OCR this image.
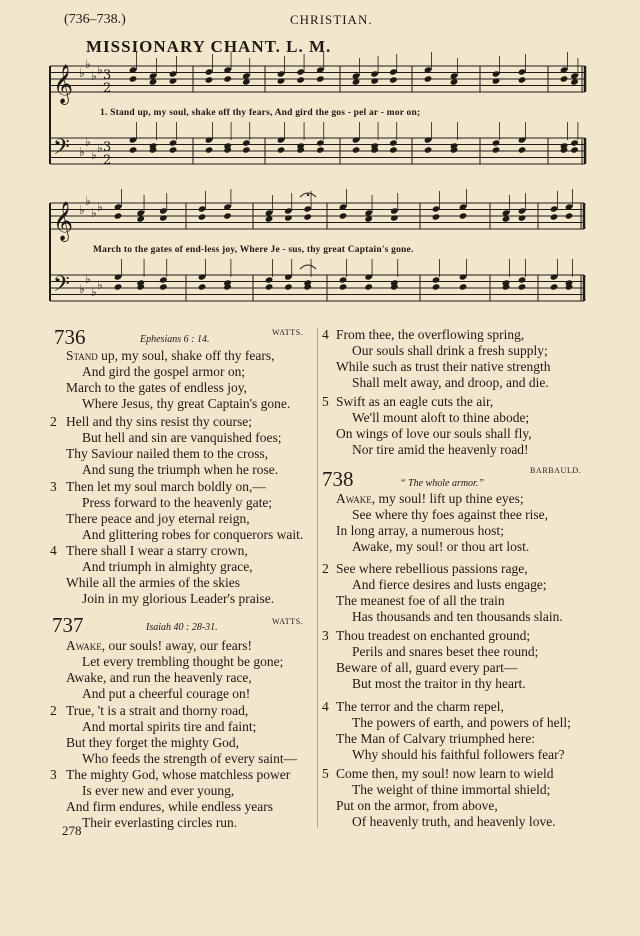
(736–738.)	CHRISTIAN.
MISSIONARY CHANT. L. M.
𝄞
𝄢
♭
♭
♭ ♭
♭
♭
♭ ♭
3
2
3
2
𝄞
𝄢
♭
♭
♭ ♭
♭
♭
♭ ♭
1. Stand up, my soul, shake off thy fears, And gird the gos - pel ar - mor on;
March to the gates of end-less joy, Where Je - sus, thy great Captain's gone.
736	Ephesians 6 : 14.
WATTS.
737	Isaiah 40 : 28-31.
WATTS.
738	“ The whole armor.”
BARBAULD.
Stand up, my soul, shake off thy fears,
And gird the gospel armor on;
March to the gates of endless joy,
Where Jesus, thy great Captain's gone.
2 Hell and thy sins resist thy course;
But hell and sin are vanquished foes;
Thy Saviour nailed them to the cross,
And sung the triumph when he rose.
3 Then let my soul march boldly on,—
Press forward to the heavenly gate;
There peace and joy eternal reign,
And glittering robes for conquerors wait.
4 There shall I wear a starry crown,
And triumph in almighty grace,
While all the armies of the skies
Join in my glorious Leader's praise.
Awake, our souls! away, our fears!
Let every trembling thought be gone;
Awake, and run the heavenly race,
And put a cheerful courage on!
2 True, 't is a strait and thorny road,
And mortal spirits tire and faint;
But they forget the mighty God,
Who feeds the strength of every saint—
3 The mighty God, whose matchless power
Is ever new and ever young,
And firm endures, while endless years
Their everlasting circles run.
4 From thee, the overflowing spring,
Our souls shall drink a fresh supply;
While such as trust their native strength
Shall melt away, and droop, and die.
5 Swift as an eagle cuts the air,
We'll mount aloft to thine abode;
On wings of love our souls shall fly,
Nor tire amid the heavenly road!
Awake, my soul! lift up thine eyes;
See where thy foes against thee rise,
In long array, a numerous host;
Awake, my soul! or thou art lost.
2 See where rebellious passions rage,
And fierce desires and lusts engage;
The meanest foe of all the train
Has thousands and ten thousands slain.
3 Thou treadest on enchanted ground;
Perils and snares beset thee round;
Beware of all, guard every part—
But most the traitor in thy heart.
4 The terror and the charm repel,
The powers of earth, and powers of hell;
The Man of Calvary triumphed here:
Why should his faithful followers fear?
5 Come then, my soul! now learn to wield
The weight of thine immortal shield;
Put on the armor, from above,
Of heavenly truth, and heavenly love.
278
